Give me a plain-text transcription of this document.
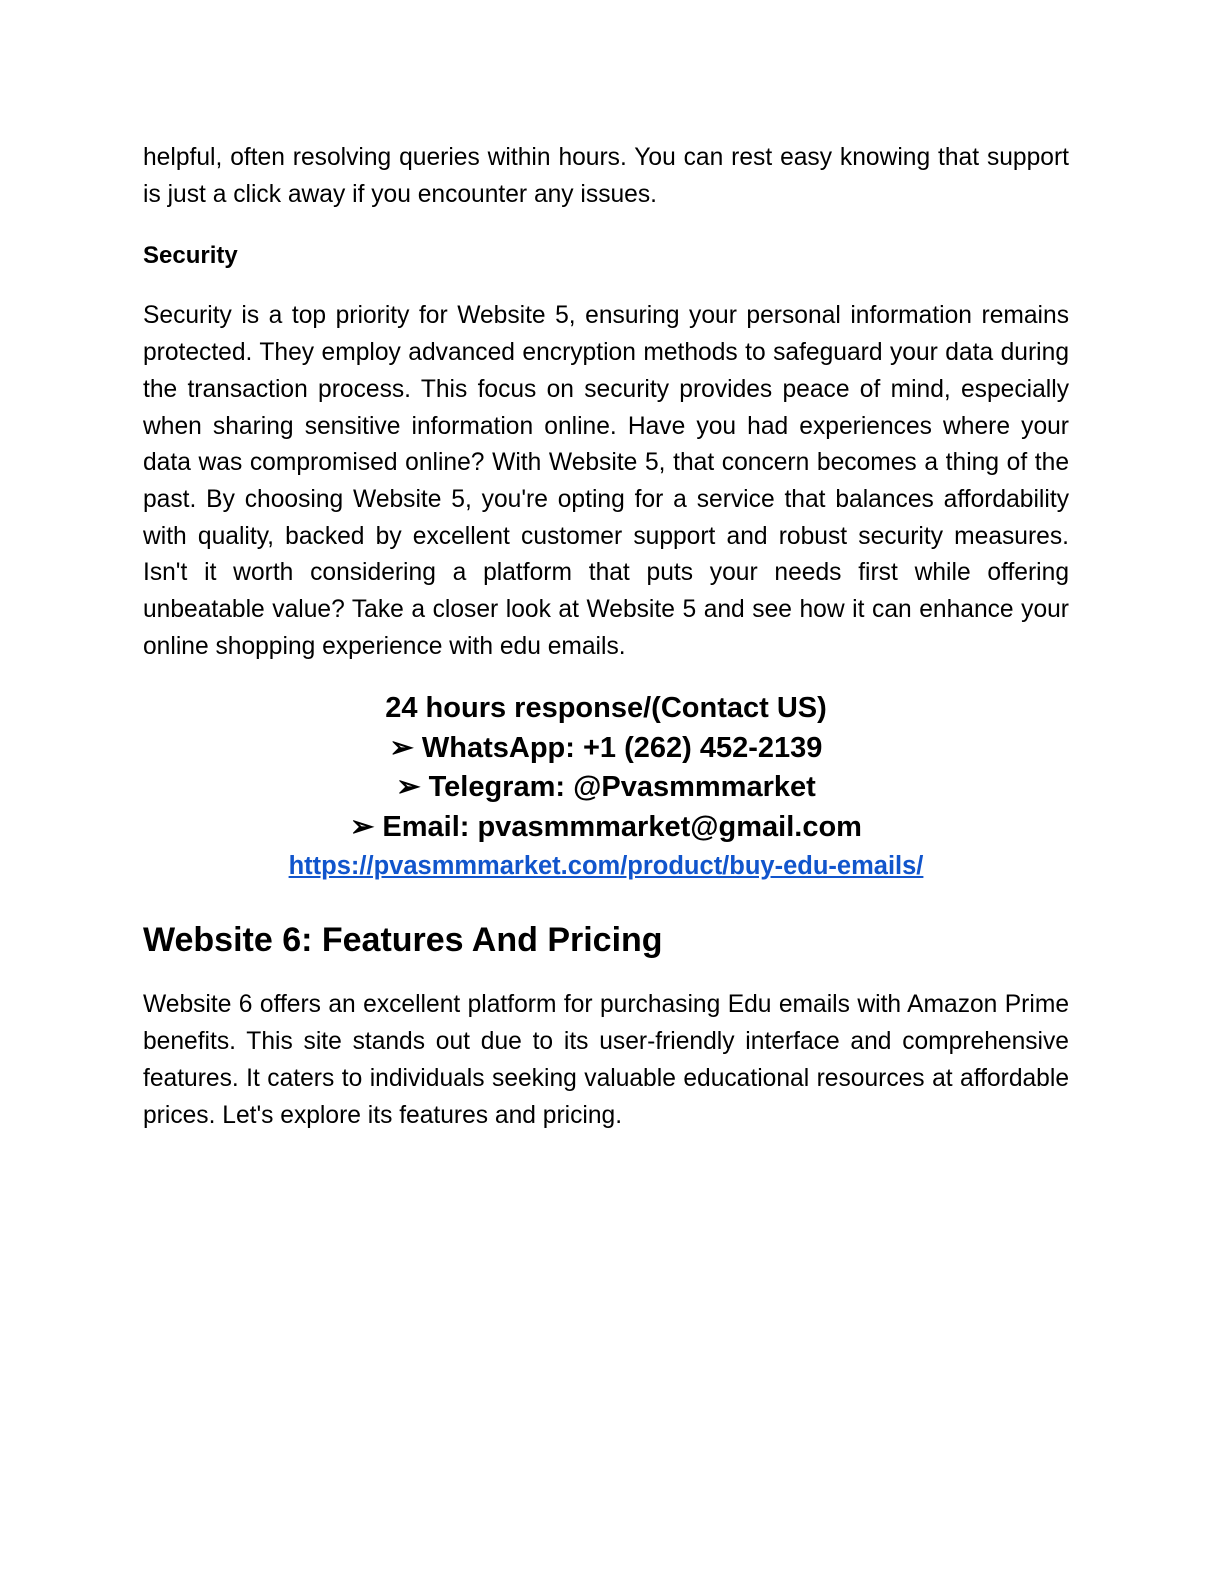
helpful, often resolving queries within hours. You can rest easy knowing that support is just a click away if you encounter any issues.

Security

Security is a top priority for Website 5, ensuring your personal information remains protected. They employ advanced encryption methods to safeguard your data during the transaction process. This focus on security provides peace of mind, especially when sharing sensitive information online. Have you had experiences where your data was compromised online? With Website 5, that concern becomes a thing of the past. By choosing Website 5, you're opting for a service that balances affordability with quality, backed by excellent customer support and robust security measures. Isn't it worth considering a platform that puts your needs first while offering unbeatable value? Take a closer look at Website 5 and see how it can enhance your online shopping experience with edu emails.

24 hours response/(Contact US)
➢ WhatsApp: +1 (262) 452-2139
➢ Telegram: @Pvasmmmarket
➢ Email: pvasmmmarket@gmail.com
https://pvasmmmarket.com/product/buy-edu-emails/
Website 6: Features And Pricing

Website 6 offers an excellent platform for purchasing Edu emails with Amazon Prime benefits. This site stands out due to its user-friendly interface and comprehensive features. It caters to individuals seeking valuable educational resources at affordable prices. Let's explore its features and pricing.
